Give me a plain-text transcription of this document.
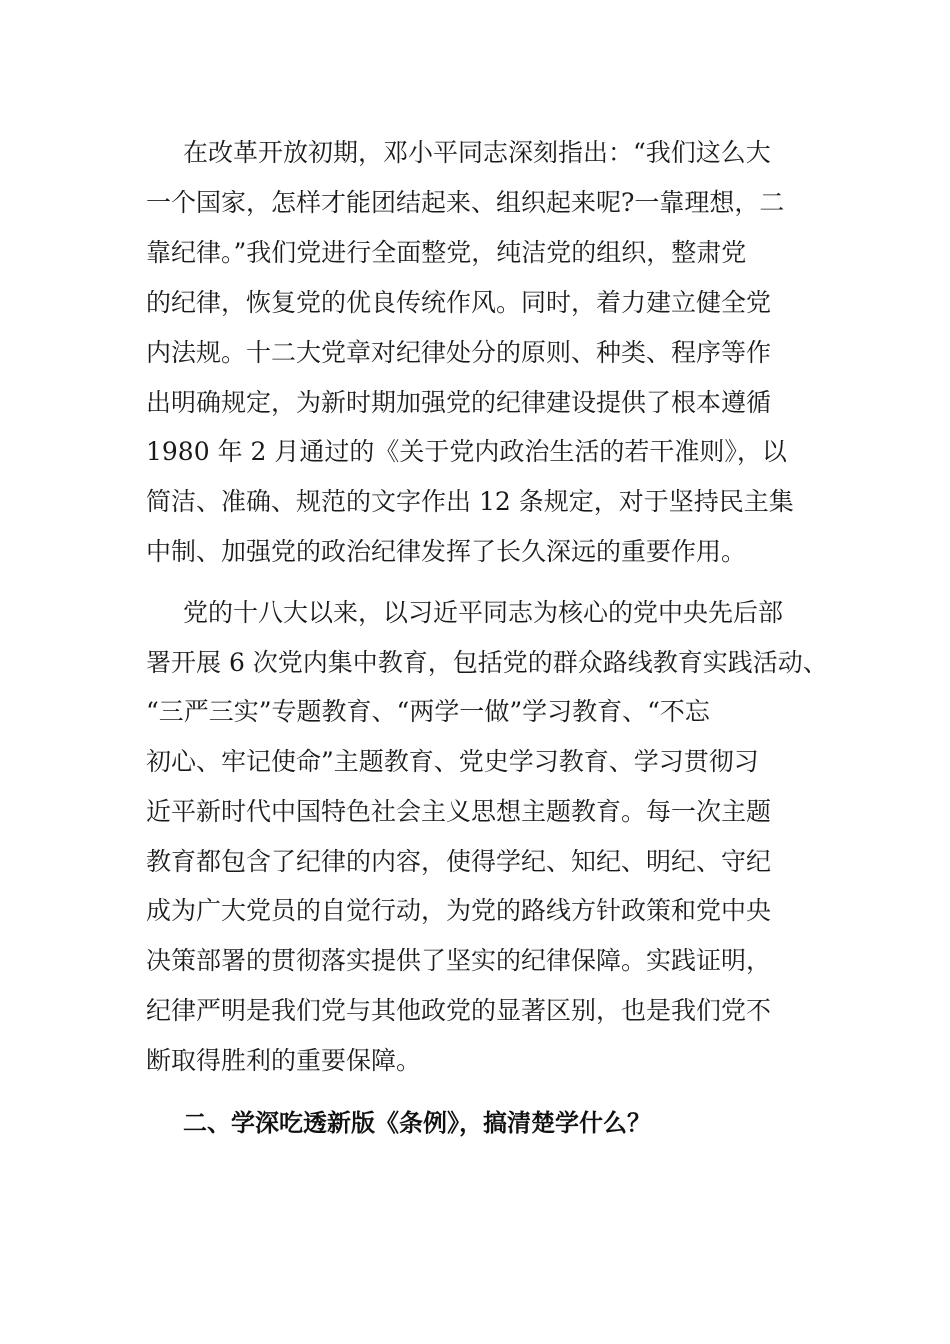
在改革开放初期，邓小平同志深刻指出：“我们这么大
一个国家，怎样才能团结起来、组织起来呢?一靠理想，二
靠纪律。”我们党进行全面整党，纯洁党的组织，整肃党
的纪律，恢复党的优良传统作风。同时，着力建立健全党
内法规。十二大党章对纪律处分的原则、种类、程序等作
出明确规定，为新时期加强党的纪律建设提供了根本遵循
1980 年 2 月通过的《关于党内政治生活的若干准则》，以
简洁、准确、规范的文字作出 12 条规定，对于坚持民主集
中制、加强党的政治纪律发挥了长久深远的重要作用。
党的十八大以来，以习近平同志为核心的党中央先后部
署开展 6 次党内集中教育，包括党的群众路线教育实践活动、
“三严三实”专题教育、“两学一做”学习教育、“不忘
初心、牢记使命”主题教育、党史学习教育、学习贯彻习
近平新时代中国特色社会主义思想主题教育。每一次主题
教育都包含了纪律的内容，使得学纪、知纪、明纪、守纪
成为广大党员的自觉行动，为党的路线方针政策和党中央
决策部署的贯彻落实提供了坚实的纪律保障。实践证明，
纪律严明是我们党与其他政党的显著区别，也是我们党不
断取得胜利的重要保障。
二、学深吃透新版《条例》，搞清楚学什么？
